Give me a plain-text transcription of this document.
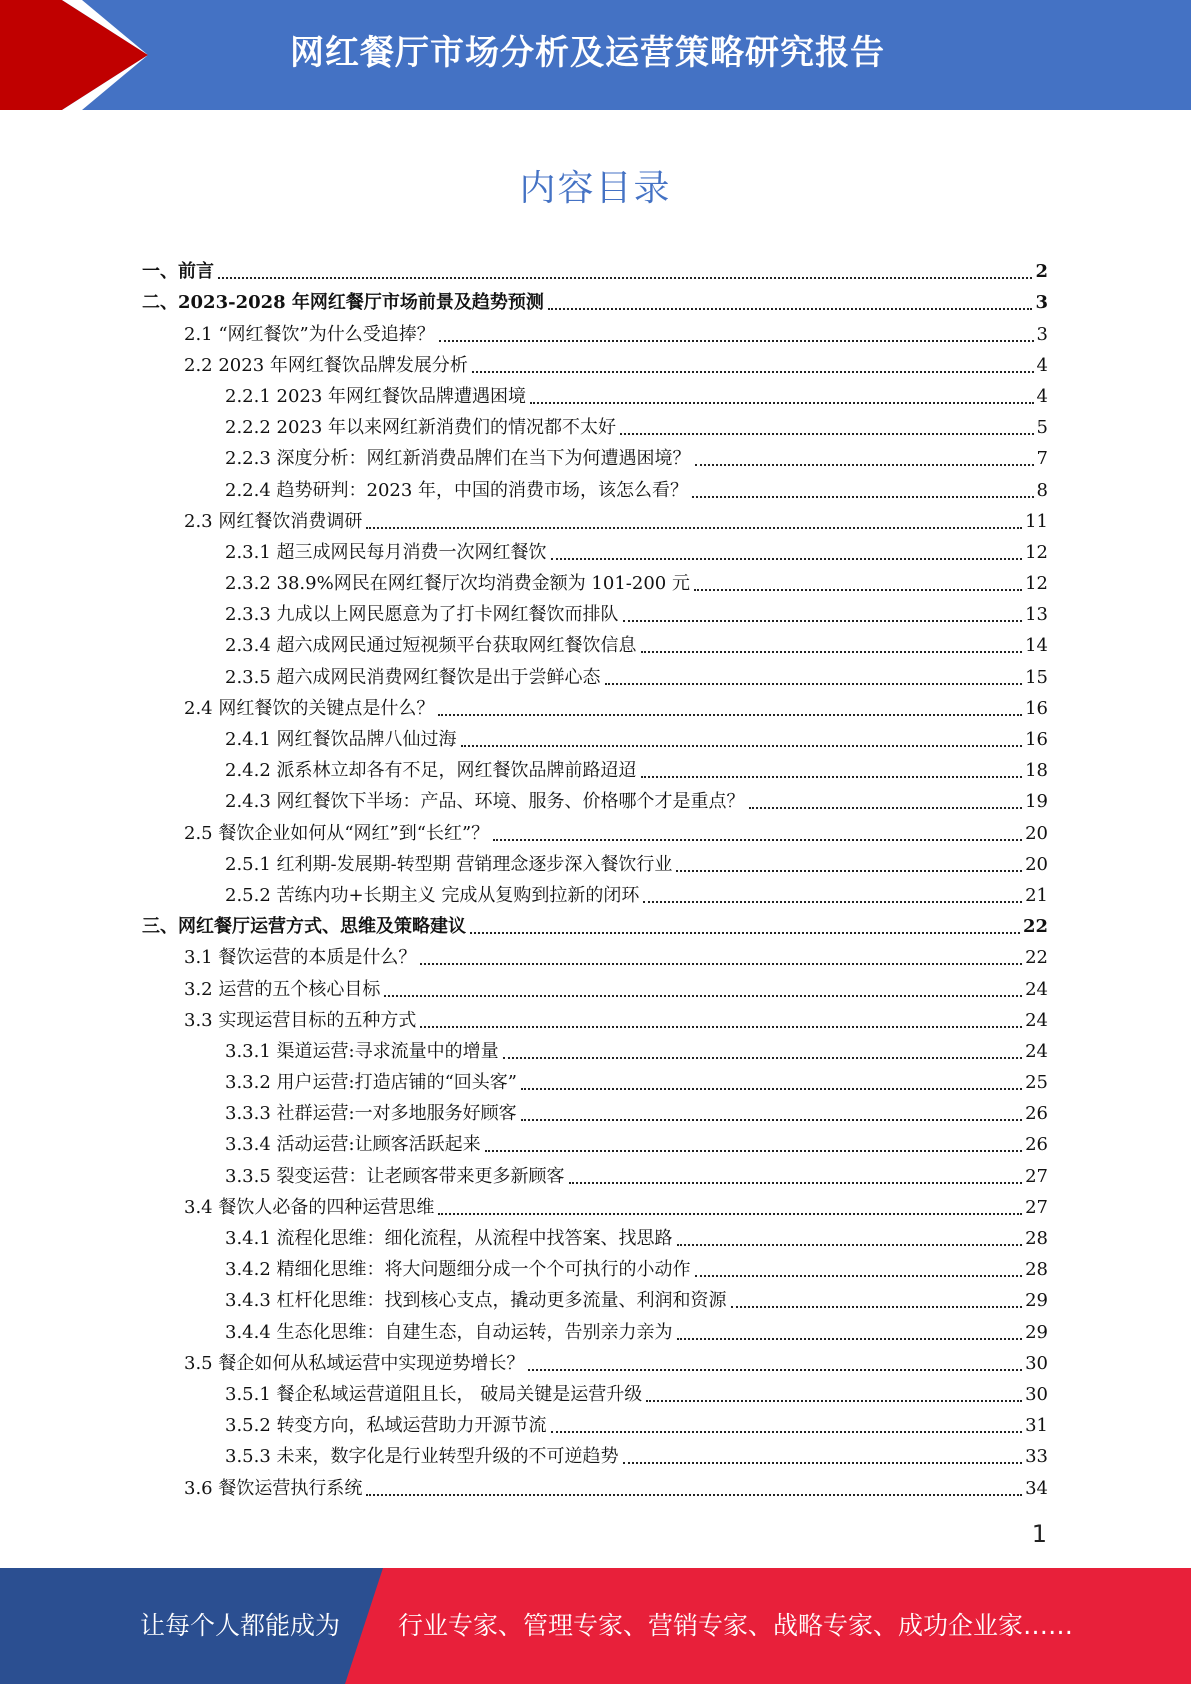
网红餐厅市场分析及运营策略研究报告
内容目录
一、前言	2
二、2023-2028 年网红餐厅市场前景及趋势预测	3
2.1 “网红餐饮”为什么受追捧？	3
2.2 2023 年网红餐饮品牌发展分析	4
2.2.1 2023 年网红餐饮品牌遭遇困境	4
2.2.2 2023 年以来网红新消费们的情况都不太好	5
2.2.3 深度分析：网红新消费品牌们在当下为何遭遇困境？	7
2.2.4 趋势研判：2023 年，中国的消费市场，该怎么看？	8
2.3 网红餐饮消费调研	11
2.3.1 超三成网民每月消费一次网红餐饮	12
2.3.2 38.9%网民在网红餐厅次均消费金额为 101-200 元	12
2.3.3 九成以上网民愿意为了打卡网红餐饮而排队	13
2.3.4 超六成网民通过短视频平台获取网红餐饮信息	14
2.3.5 超六成网民消费网红餐饮是出于尝鲜心态	15
2.4 网红餐饮的关键点是什么？	16
2.4.1 网红餐饮品牌八仙过海	16
2.4.2 派系林立却各有不足，网红餐饮品牌前路迢迢	18
2.4.3 网红餐饮下半场：产品、环境、服务、价格哪个才是重点？	19
2.5 餐饮企业如何从“网红”到“长红”？	20
2.5.1 红利期-发展期-转型期 营销理念逐步深入餐饮行业	20
2.5.2 苦练内功+长期主义 完成从复购到拉新的闭环	21
三、网红餐厅运营方式、思维及策略建议	22
3.1 餐饮运营的本质是什么？	22
3.2 运营的五个核心目标	24
3.3 实现运营目标的五种方式	24
3.3.1 渠道运营:寻求流量中的增量	24
3.3.2 用户运营:打造店铺的“回头客”	25
3.3.3 社群运营:一对多地服务好顾客	26
3.3.4 活动运营:让顾客活跃起来	26
3.3.5 裂变运营：让老顾客带来更多新顾客	27
3.4 餐饮人必备的四种运营思维	27
3.4.1 流程化思维：细化流程，从流程中找答案、找思路	28
3.4.2 精细化思维：将大问题细分成一个个可执行的小动作	28
3.4.3 杠杆化思维：找到核心支点，撬动更多流量、利润和资源	29
3.4.4 生态化思维：自建生态，自动运转，告别亲力亲为	29
3.5 餐企如何从私域运营中实现逆势增长？	30
3.5.1 餐企私域运营道阻且长， 破局关键是运营升级	30
3.5.2 转变方向，私域运营助力开源节流	31
3.5.3 未来，数字化是行业转型升级的不可逆趋势	33
3.6 餐饮运营执行系统	34
1
让每个人都能成为 行业专家、管理专家、营销专家、战略专家、成功企业家……
